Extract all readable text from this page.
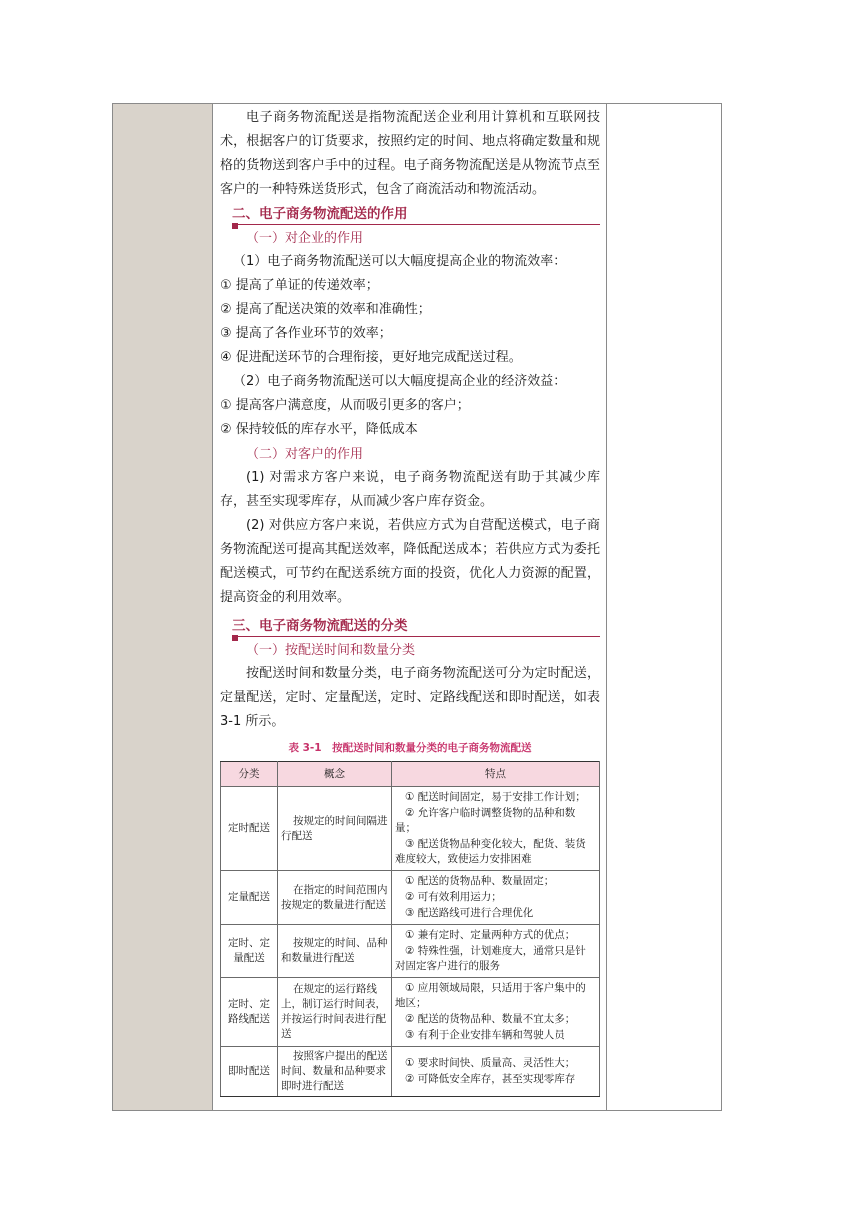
电子商务物流配送是指物流配送企业利用计算机和互联网技术，根据客户的订货要求，按照约定的时间、地点将确定数量和规格的货物送到客户手中的过程。电子商务物流配送是从物流节点至客户的一种特殊送货形式，包含了商流活动和物流活动。

二、电子商务物流配送的作用
（一）对企业的作用

（1）电子商务物流配送可以大幅度提高企业的物流效率：

① 提高了单证的传递效率；

② 提高了配送决策的效率和准确性；

③ 提高了各作业环节的效率；

④ 促进配送环节的合理衔接，更好地完成配送过程。

（2）电子商务物流配送可以大幅度提高企业的经济效益：

① 提高客户满意度，从而吸引更多的客户；

② 保持较低的库存水平，降低成本

（二）对客户的作用

(1) 对需求方客户来说，电子商务物流配送有助于其减少库存，甚至实现零库存，从而减少客户库存资金。

(2) 对供应方客户来说，若供应方式为自营配送模式，电子商务物流配送可提高其配送效率，降低配送成本；若供应方式为委托配送模式，可节约在配送系统方面的投资，优化人力资源的配置，提高资金的利用效率。

三、电子商务物流配送的分类
（一）按配送时间和数量分类

按配送时间和数量分类，电子商务物流配送可分为定时配送，定量配送，定时、定量配送，定时、定路线配送和即时配送，如表 3-1 所示。

表 3-1　按配送时间和数量分类的电子商务物流配送
分类	概念	特点
定时配送	按规定的时间间隔进行配送	① 配送时间固定，易于安排工作计划；

② 允许客户临时调整货物的品种和数量；

③ 配送货物品种变化较大，配货、装货难度较大，致使运力安排困难

定量配送	在指定的时间范围内按规定的数量进行配送	① 配送的货物品种、数量固定；

② 可有效利用运力；

③ 配送路线可进行合理优化

定时、定量配送	按规定的时间、品种和数量进行配送	① 兼有定时、定量两种方式的优点；

② 特殊性强，计划难度大，通常只是针对固定客户进行的服务

定时、定路线配送	在规定的运行路线上，制订运行时间表，并按运行时间表进行配送	① 应用领域局限，只适用于客户集中的地区；

② 配送的货物品种、数量不宜太多；

③ 有利于企业安排车辆和驾驶人员

即时配送	按照客户提出的配送时间、数量和品种要求即时进行配送	① 要求时间快、质量高、灵活性大；

② 可降低安全库存，甚至实现零库存
